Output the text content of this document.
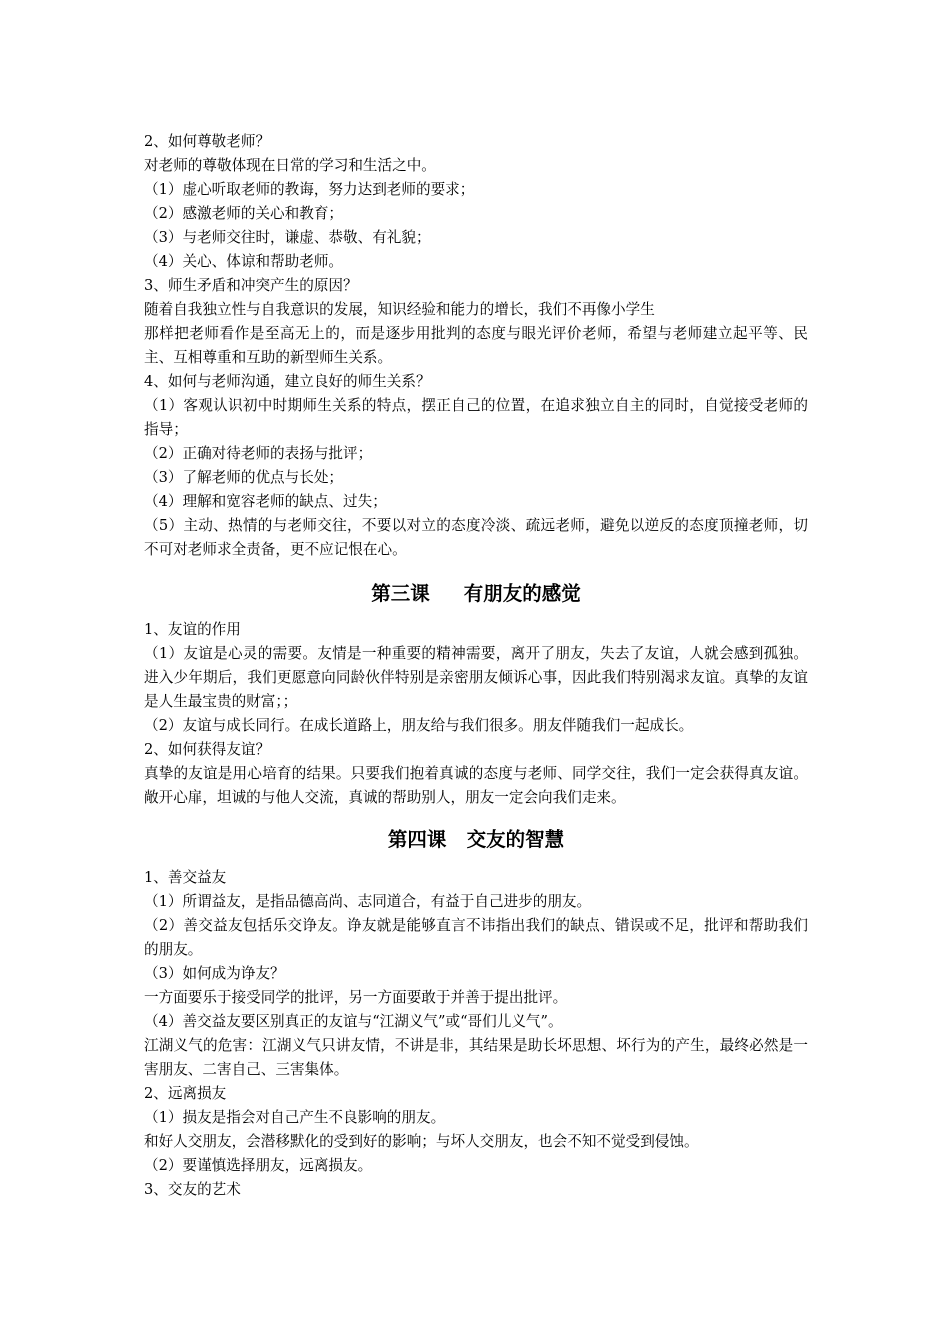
2、如何尊敬老师？

对老师的尊敬体现在日常的学习和生活之中。

（1）虚心听取老师的教诲，努力达到老师的要求；

（2）感激老师的关心和教育；

（3）与老师交往时，谦虚、恭敬、有礼貌；

（4）关心、体谅和帮助老师。

3、师生矛盾和冲突产生的原因？

随着自我独立性与自我意识的发展，知识经验和能力的增长，我们不再像小学生

那样把老师看作是至高无上的，而是逐步用批判的态度与眼光评价老师，希望与老师建立起平等、民主、互相尊重和互助的新型师生关系。

4、如何与老师沟通，建立良好的师生关系？

（1）客观认识初中时期师生关系的特点，摆正自己的位置，在追求独立自主的同时，自觉接受老师的指导；

（2）正确对待老师的表扬与批评；

（3）了解老师的优点与长处；

（4）理解和宽容老师的缺点、过失；

（5）主动、热情的与老师交往，不要以对立的态度冷淡、疏远老师，避免以逆反的态度顶撞老师，切不可对老师求全责备，更不应记恨在心。

第三课     有朋友的感觉

1、友谊的作用

（1）友谊是心灵的需要。友情是一种重要的精神需要，离开了朋友，失去了友谊，人就会感到孤独。进入少年期后，我们更愿意向同龄伙伴特别是亲密朋友倾诉心事，因此我们特别渴求友谊。真挚的友谊是人生最宝贵的财富；；

（2）友谊与成长同行。在成长道路上，朋友给与我们很多。朋友伴随我们一起成长。

2、如何获得友谊？

真挚的友谊是用心培育的结果。只要我们抱着真诚的态度与老师、同学交往，我们一定会获得真友谊。敞开心扉，坦诚的与他人交流，真诚的帮助别人，朋友一定会向我们走来。

第四课   交友的智慧

1、善交益友

（1）所谓益友，是指品德高尚、志同道合，有益于自己进步的朋友。

（2）善交益友包括乐交诤友。诤友就是能够直言不讳指出我们的缺点、错误或不足，批评和帮助我们的朋友。

（3）如何成为诤友？

一方面要乐于接受同学的批评，另一方面要敢于并善于提出批评。

（4）善交益友要区别真正的友谊与“江湖义气”或“哥们儿义气”。

江湖义气的危害：江湖义气只讲友情，不讲是非，其结果是助长坏思想、坏行为的产生，最终必然是一害朋友、二害自己、三害集体。

2、远离损友

（1）损友是指会对自己产生不良影响的朋友。

和好人交朋友，会潜移默化的受到好的影响；与坏人交朋友，也会不知不觉受到侵蚀。

（2）要谨慎选择朋友，远离损友。

3、交友的艺术
